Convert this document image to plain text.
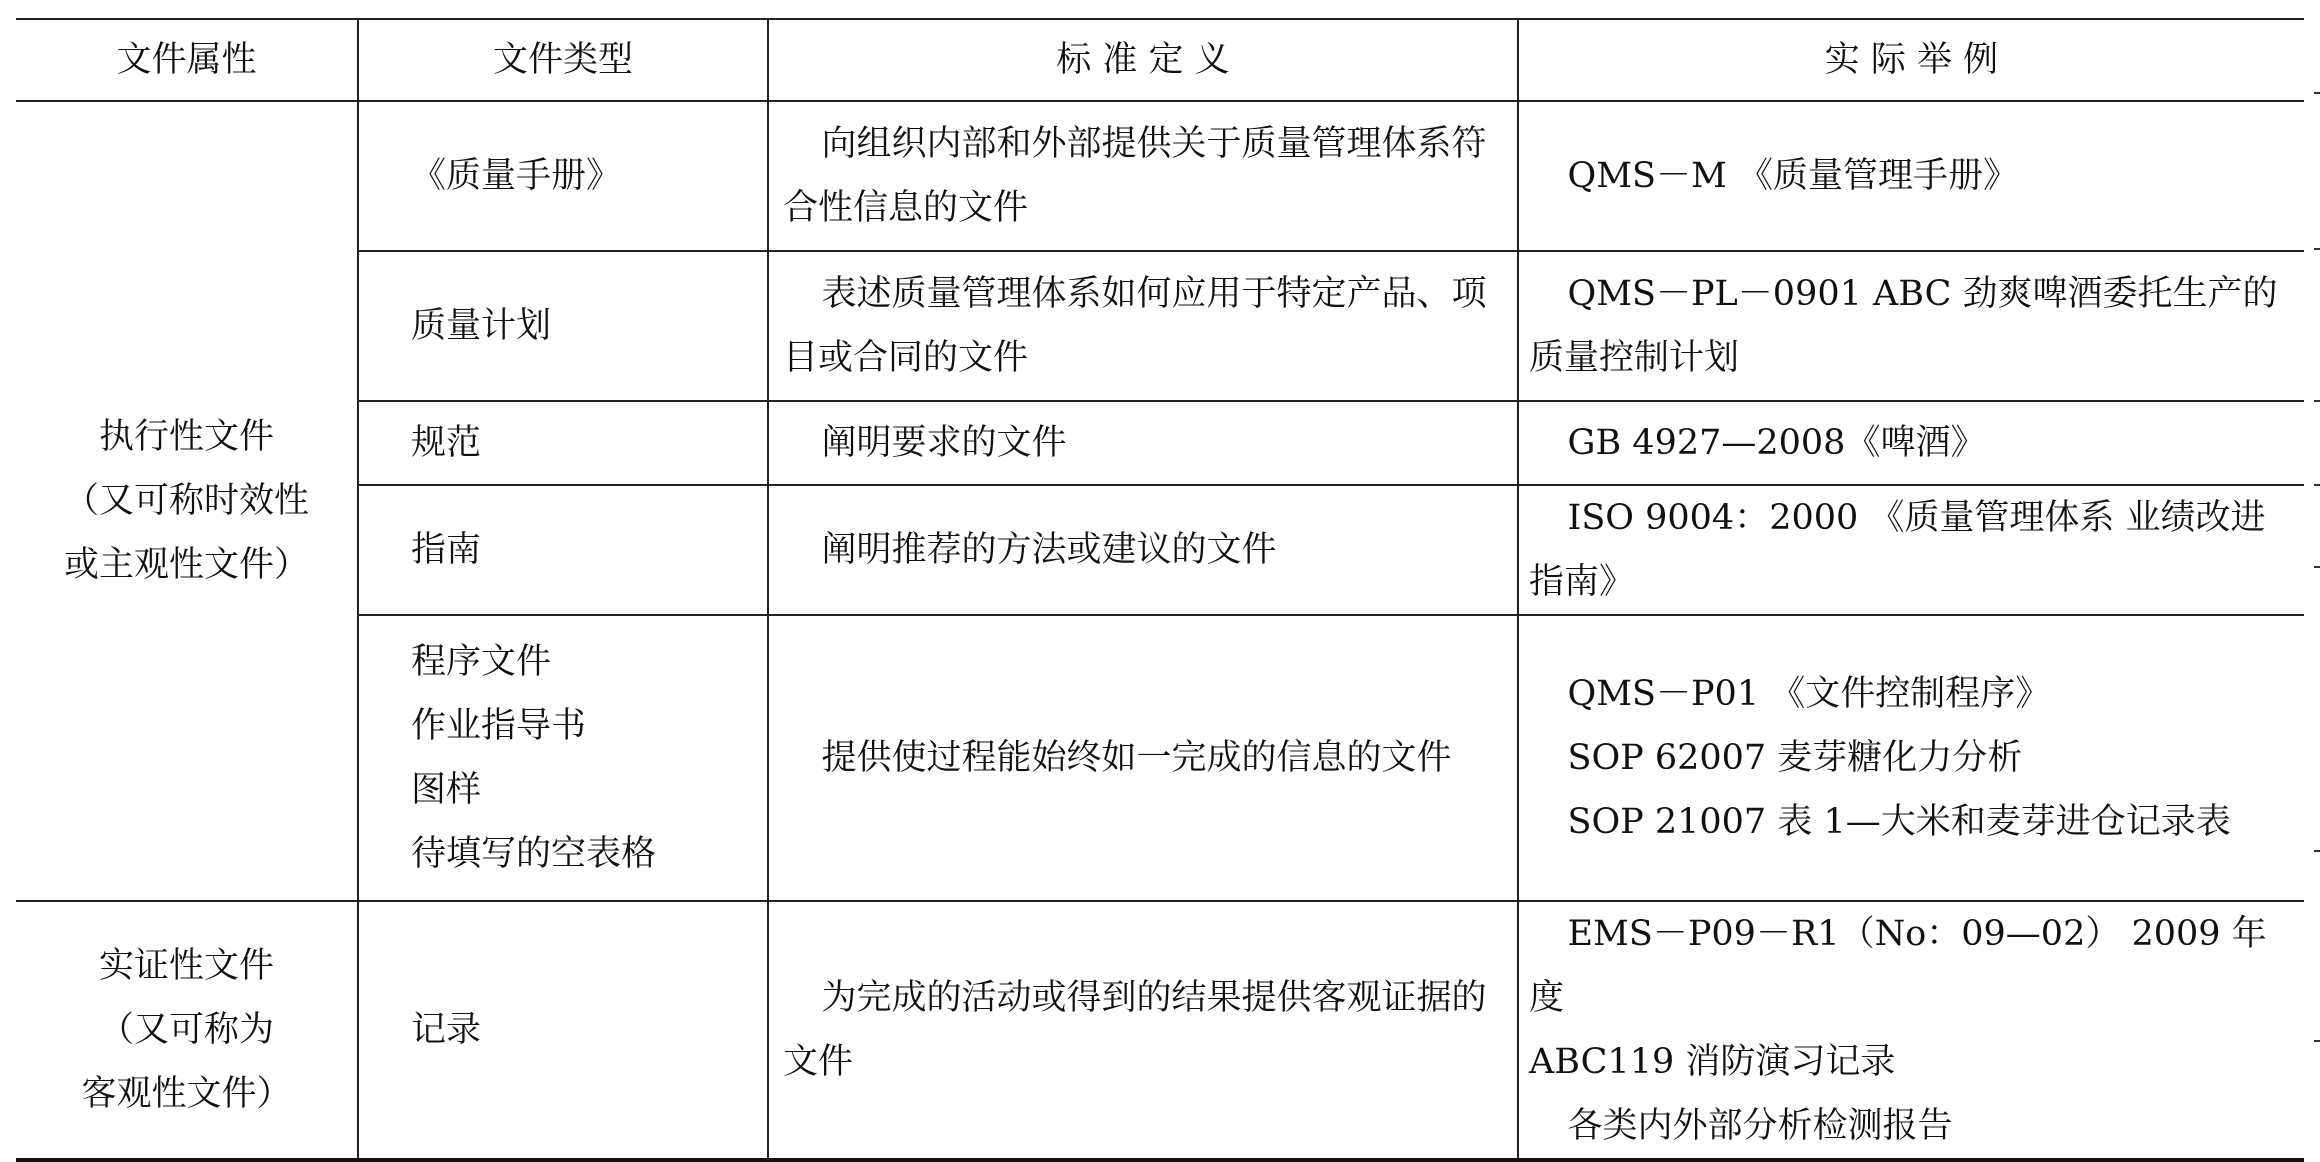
文件属性	文件类型	标 准 定 义	实 际 举 例

执行性文件
（又可称时效性
或主观性文件）	《质量手册》	向组织内部和外部提供关于质量管理体系符合性信息的文件	QMS－M 《质量管理手册》

	质量计划	表述质量管理体系如何应用于特定产品、项目或合同的文件	QMS－PL－0901 ABC 劲爽啤酒委托生产的
质量控制计划

	规范	阐明要求的文件	GB 4927—2008《啤酒》

	指南	阐明推荐的方法或建议的文件	ISO 9004：2000 《质量管理体系 业绩改进指南》

	程序文件
作业指导书
图样
待填写的空表格	提供使过程能始终如一完成的信息的文件	QMS－P01 《文件控制程序》
SOP 62007 麦芽糖化力分析
SOP 21007 表 1—大米和麦芽进仓记录表

实证性文件
（又可称为
客观性文件）	记录	为完成的活动或得到的结果提供客观证据的文件	EMS－P09－R1（No：09—02） 2009 年度
ABC119 消防演习记录
各类内外部分析检测报告
